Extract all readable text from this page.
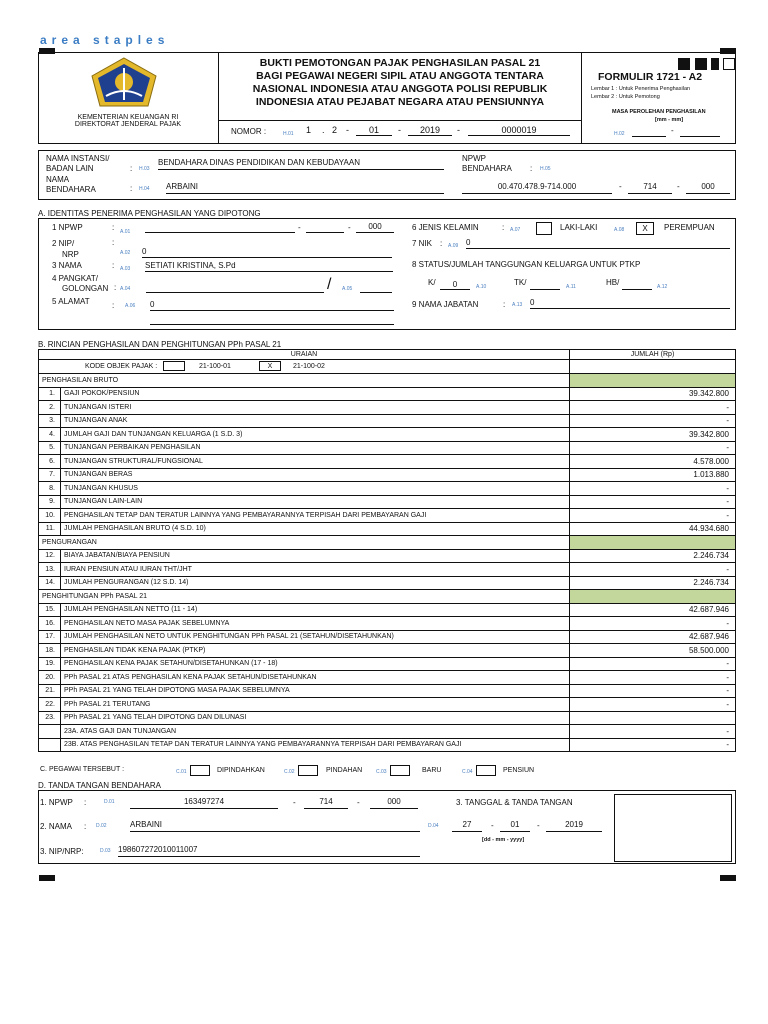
area staples
KEMENTERIAN KEUANGAN RI
DIREKTORAT JENDERAL PAJAK
BUKTI PEMOTONGAN PAJAK PENGHASILAN PASAL 21
BAGI PEGAWAI NEGERI SIPIL ATAU ANGGOTA TENTARA
NASIONAL INDONESIA ATAU ANGGOTA POLISI REPUBLIK
INDONESIA ATAU PEJABAT NEGARA ATAU PENSIUNNYA
NOMOR :	H.01 1 . 2 -	01	-	2019	-	0000019
FORMULIR 1721 - A2
Lembar 1 : Untuk Penerima Penghasilan
Lembar 2 : Untuk Pemotong
MASA PEROLEHAN PENGHASILAN
[mm - mm]
H.02	-
NAMA INSTANSI/
BADAN LAIN	: H.03
BENDAHARA DINAS PENDIDIKAN DAN KEBUDAYAAN	NPWP
BENDAHARA : H.05
NAMA
BENDAHARA	: H.04 ARBAINI	00.470.478.9-714.000	-	714	-	000
A. IDENTITAS PENERIMA PENGHASILAN YANG DIPOTONG
1 NPWP	: A.01	-	-	000
2 NIP/
NRP
:
A.02 0
3 NAMA	: A.03 SETIATI KRISTINA, S.Pd
4 PANGKAT/
GOLONGAN : A.04	/ A.05
5 ALAMAT	: A.06 0
6 JENIS KELAMIN	: A.07	LAKI-LAKI	A.08	X	PEREMPUAN
7 NIK : A.09 0
8 STATUS/JUMLAH TANGGUNGAN KELUARGA UNTUK PTKP
K/	0	A.10	TK/	A.11	HB/	A.12
9 NAMA JABATAN	: A.13 0
B. RINCIAN PENGHASILAN DAN PENGHITUNGAN PPh PASAL 21
URAIAN		JUMLAH (Rp)

KODE OBJEK PAJAK : 21-100-01 X 21-100-02		

PENGHASILAN BRUTO		
1.	GAJI POKOK/PENSIUN	39.342.800
2.	TUNJANGAN ISTERI	-
3.	TUNJANGAN ANAK	-
4.	JUMLAH GAJI DAN TUNJANGAN KELUARGA (1 S.D. 3)	39.342.800
5.	TUNJANGAN PERBAIKAN PENGHASILAN	-
6.	TUNJANGAN STRUKTURAL/FUNGSIONAL	4.578.000
7.	TUNJANGAN BERAS	1.013.880
8.	TUNJANGAN KHUSUS	-
9.	TUNJANGAN LAIN-LAIN	-
10.	PENGHASILAN TETAP DAN TERATUR LAINNYA YANG PEMBAYARANNYA TERPISAH DARI PEMBAYARAN GAJI	-
11.	JUMLAH PENGHASILAN BRUTO (4 S.D. 10)	44.934.680
PENGURANGAN		
12.	BIAYA JABATAN/BIAYA PENSIUN	2.246.734
13.	IURAN PENSIUN ATAU IURAN THT/JHT	-
14.	JUMLAH PENGURANGAN (12 S.D. 14)	2.246.734
PENGHITUNGAN PPh PASAL 21		
15.	JUMLAH PENGHASILAN NETTO (11 - 14)	42.687.946
16.	PENGHASILAN NETO MASA PAJAK SEBELUMNYA	-
17.	JUMLAH PENGHASILAN NETO UNTUK PENGHITUNGAN PPh PASAL 21 (SETAHUN/DISETAHUNKAN)	42.687.946
18.	PENGHASILAN TIDAK KENA PAJAK (PTKP)	58.500.000
19.	PENGHASILAN KENA PAJAK SETAHUN/DISETAHUNKAN (17 - 18)	-
20.	PPh PASAL 21 ATAS PENGHASILAN KENA PAJAK SETAHUN/DISETAHUNKAN	-
21.	PPh PASAL 21 YANG TELAH DIPOTONG MASA PAJAK SEBELUMNYA	-
22.	PPh PASAL 21 TERUTANG	-
23.	PPh PASAL 21 YANG TELAH DIPOTONG DAN DILUNASI	
	23A. ATAS GAJI DAN TUNJANGAN	-
	23B. ATAS PENGHASILAN TETAP DAN TERATUR LAINNYA YANG PEMBAYARANNYA TERPISAH DARI PEMBAYARAN GAJI	-
C. PEGAWAI TERSEBUT :	C.01	DIPINDAHKAN	C.02	PINDAHAN	C.03	BARU	C.04	PENSIUN
D. TANDA TANGAN BENDAHARA
1. NPWP :	D.01	163497274	-	714	-	000	3. TANGGAL & TANDA TANGAN
2. NAMA : D.02	ARBAINI	D.04	27	-	01	-	2019
[dd - mm - yyyy]
3. NIP/NRP:	D.03 198607272010011007
